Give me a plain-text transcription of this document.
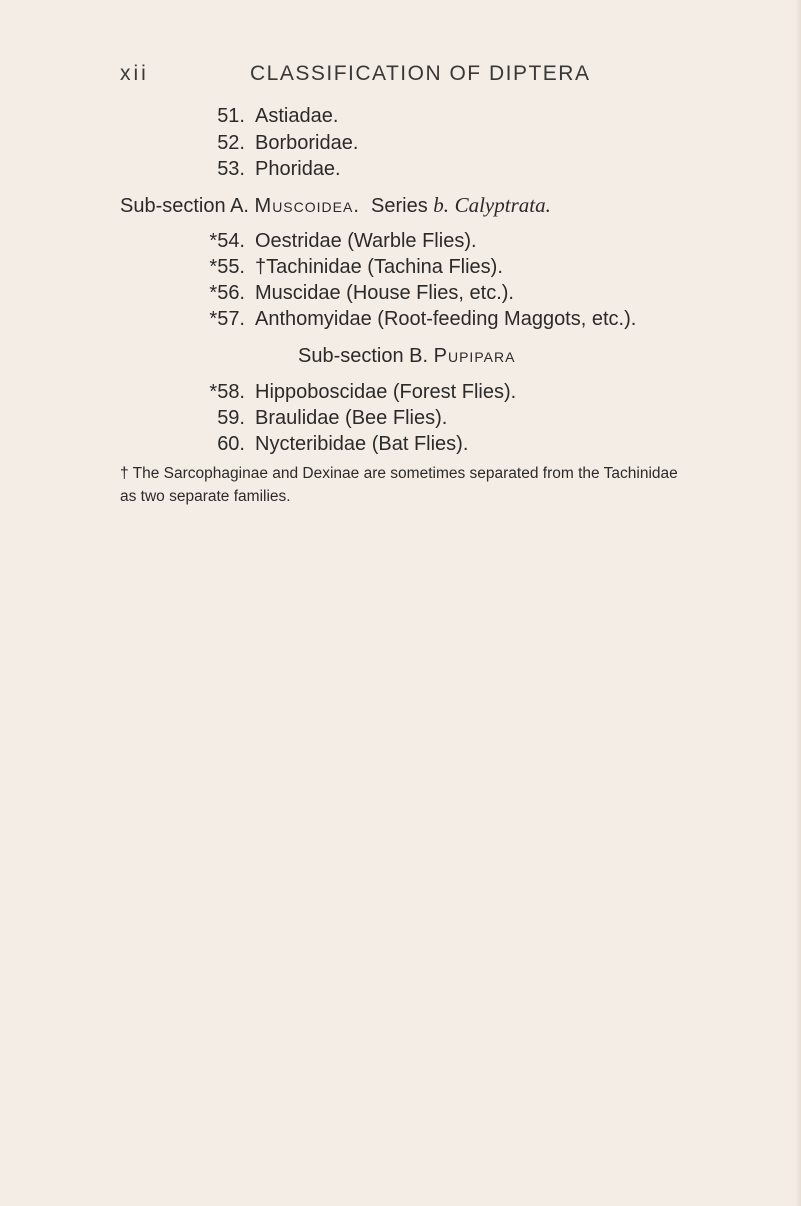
xii	CLASSIFICATION OF DIPTERA
51. Astiadae.
52. Borboridae.
53. Phoridae.
Sub-section A. Muscoidea. Series b. Calyptrata.
*54. Oestridae (Warble Flies).
*55. †Tachinidae (Tachina Flies).
*56. Muscidae (House Flies, etc.).
*57. Anthomyidae (Root-feeding Maggots, etc.).
Sub-section B. Pupipara
*58. Hippoboscidae (Forest Flies).
59. Braulidae (Bee Flies).
60. Nycteribidae (Bat Flies).
† The Sarcophaginae and Dexinae are sometimes separated from the Tachinidae as two separate families.
